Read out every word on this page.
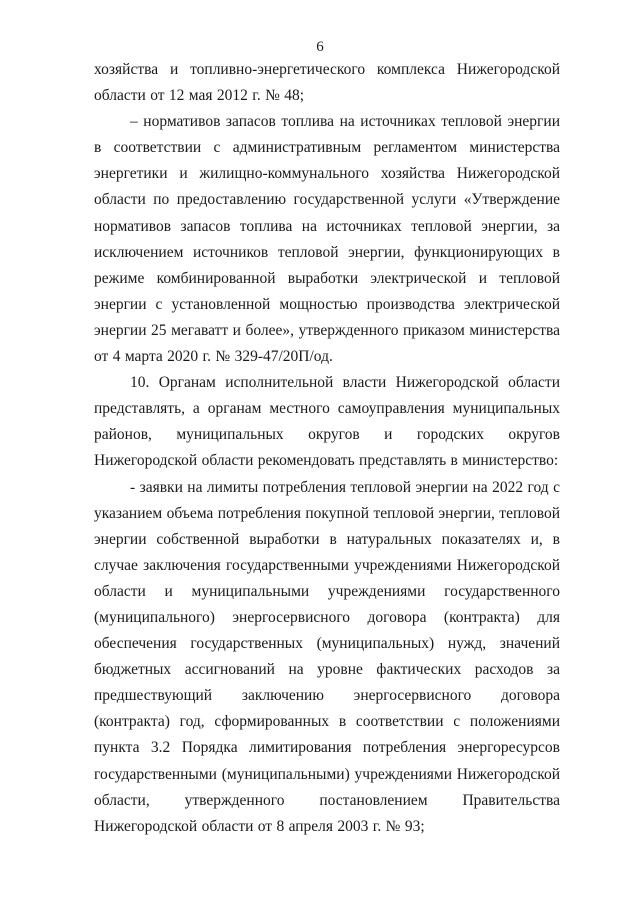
6

хозяйства и топливно-энергетического комплекса Нижегородской области от 12 мая 2012 г. № 48;

– нормативов запасов топлива на источниках тепловой энергии в соответствии с административным регламентом министерства энергетики и жилищно-коммунального хозяйства Нижегородской области по предоставлению государственной услуги «Утверждение нормативов запасов топлива на источниках тепловой энергии, за исключением источников тепловой энергии, функционирующих в режиме комбинированной выработки электрической и тепловой энергии с установленной мощностью производства электрической энергии 25 мегаватт и более», утвержденного приказом министерства от 4 марта 2020 г. № 329-47/20П/од.

10. Органам исполнительной власти Нижегородской области представлять, а органам местного самоуправления муниципальных районов, муниципальных округов и городских округов Нижегородской области рекомендовать представлять в министерство:

- заявки на лимиты потребления тепловой энергии на 2022 год с указанием объема потребления покупной тепловой энергии, тепловой энергии собственной выработки в натуральных показателях и, в случае заключения государственными учреждениями Нижегородской области и муниципальными учреждениями государственного (муниципального) энергосервисного договора (контракта) для обеспечения государственных (муниципальных) нужд, значений бюджетных ассигнований на уровне фактических расходов за предшествующий заключению энергосервисного договора (контракта) год, сформированных в соответствии с положениями пункта 3.2 Порядка лимитирования потребления энергоресурсов государственными (муниципальными) учреждениями Нижегородской области, утвержденного постановлением Правительства Нижегородской области от 8 апреля 2003 г. № 93;
